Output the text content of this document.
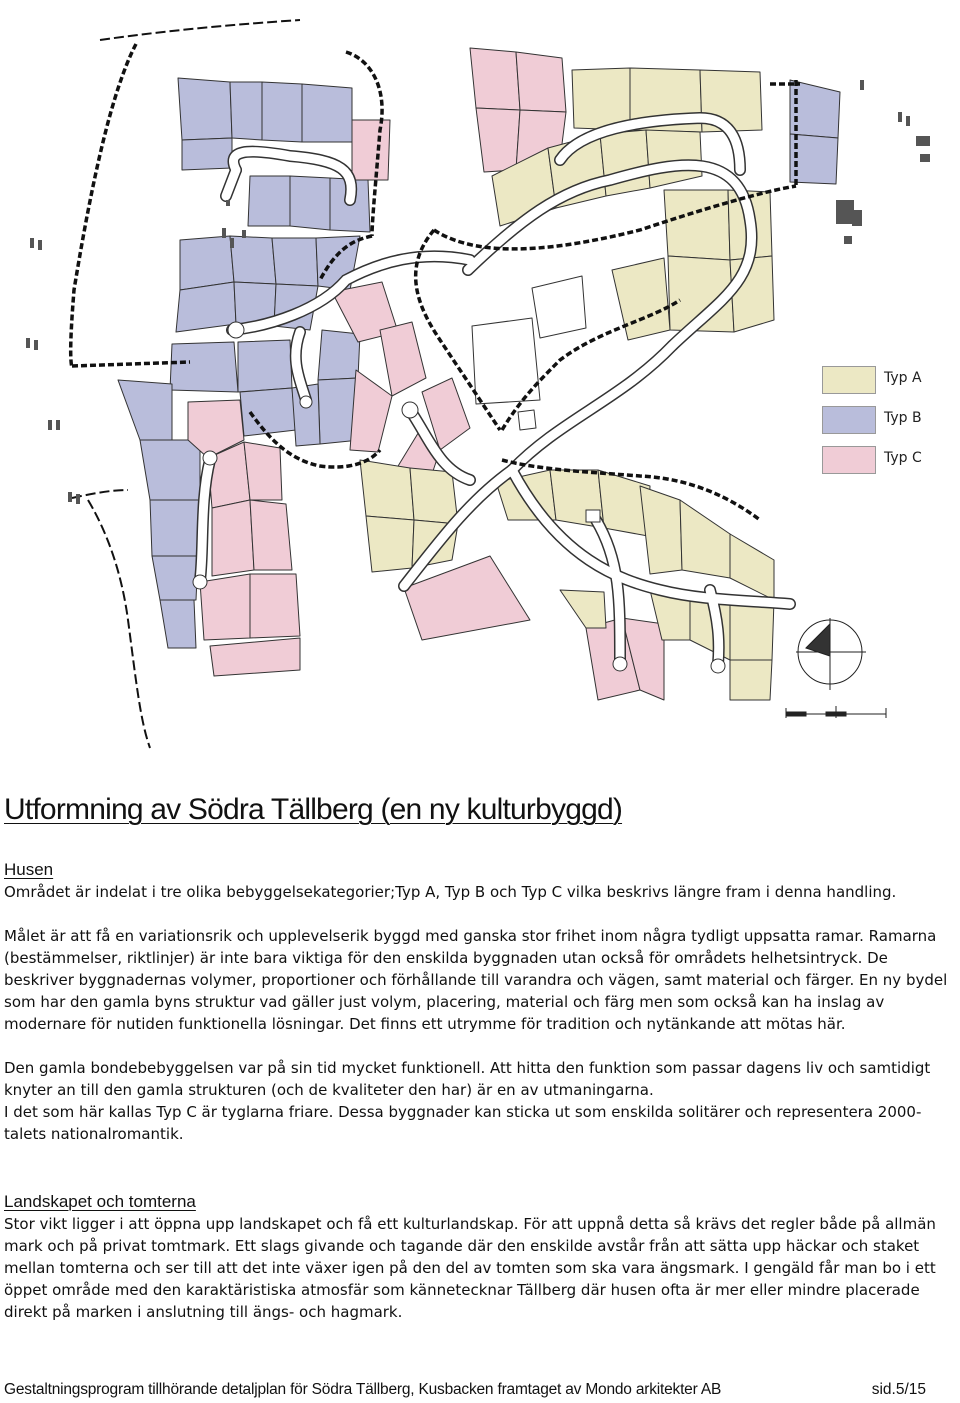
Typ A
Typ B
Typ C
Utformning av Södra Tällberg (en ny kulturbyggd)
Husen

Området är indelat i tre olika bebyggelsekategorier;Typ A, Typ B och Typ C vilka beskrivs längre fram i denna handling.

Målet är att få en variationsrik och upplevelserik byggd med ganska stor frihet inom några tydligt uppsatta ramar. Ramarna (bestämmelser, riktlinjer) är inte bara viktiga för den enskilda byggnaden utan också för områdets helhetsintryck. De beskriver byggnadernas volymer, proportioner och förhållande till varandra och vägen, samt material och färger. En ny bydel som har den gamla byns struktur vad gäller just volym, placering, material och färg men som också kan ha inslag av modernare för nutiden funktionella lösningar. Det finns ett utrymme för tradition och nytänkande att mötas här.

Den gamla bondebebyggelsen var på sin tid mycket funktionell. Att hitta den funktion som passar dagens liv och samtidigt knyter an till den gamla strukturen (och de kvaliteter den har) är en av utmaningarna.

I det som här kallas Typ C är tyglarna friare. Dessa byggnader kan sticka ut som enskilda solitärer och representera 2000-talets nationalromantik.

Landskapet och tomterna

Stor vikt ligger i att öppna upp landskapet och få ett kulturlandskap. För att uppnå detta så krävs det regler både på allmän mark och på privat tomtmark. Ett slags givande och tagande där den enskilde avstår från att sätta upp häckar och staket mellan tomterna och ser till att det inte växer igen på den del av tomten som ska vara ängsmark. I gengäld får man bo i ett öppet område med den karaktäristiska atmosfär som kännetecknar Tällberg där husen ofta är mer eller mindre placerade direkt på marken i anslutning till ängs- och hagmark.

Gestaltningsprogram tillhörande detaljplan för Södra Tällberg, Kusbacken framtaget av Mondo arkitekter AB	sid.5/15
